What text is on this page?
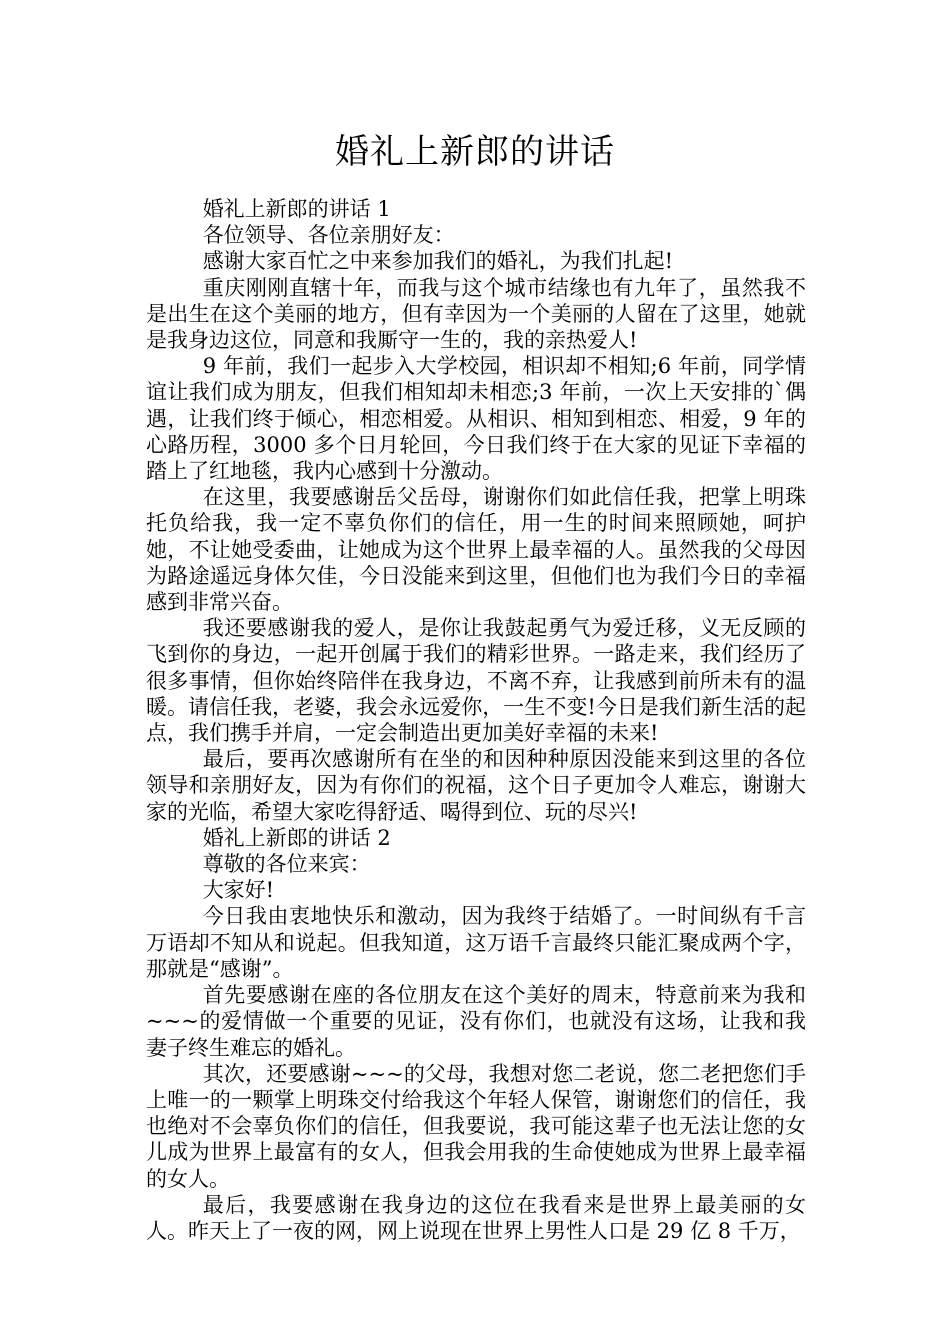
婚礼上新郎的讲话

婚礼上新郎的讲话 1

各位领导、各位亲朋好友：

感谢大家百忙之中来参加我们的婚礼，为我们扎起!

重庆刚刚直辖十年，而我与这个城市结缘也有九年了，虽然我不是出生在这个美丽的地方，但有幸因为一个美丽的人留在了这里，她就是我身边这位，同意和我厮守一生的，我的亲热爱人!

9 年前，我们一起步入大学校园，相识却不相知;6 年前，同学情谊让我们成为朋友，但我们相知却未相恋;3 年前，一次上天安排的`偶遇，让我们终于倾心，相恋相爱。从相识、相知到相恋、相爱，9 年的心路历程，3000 多个日月轮回，今日我们终于在大家的见证下幸福的踏上了红地毯，我内心感到十分激动。

在这里，我要感谢岳父岳母，谢谢你们如此信任我，把掌上明珠托负给我，我一定不辜负你们的信任，用一生的时间来照顾她，呵护她，不让她受委曲，让她成为这个世界上最幸福的人。虽然我的父母因为路途遥远身体欠佳，今日没能来到这里，但他们也为我们今日的幸福感到非常兴奋。

我还要感谢我的爱人，是你让我鼓起勇气为爱迁移，义无反顾的飞到你的身边，一起开创属于我们的精彩世界。一路走来，我们经历了很多事情，但你始终陪伴在我身边，不离不弃，让我感到前所未有的温暖。请信任我，老婆，我会永远爱你，一生不变!今日是我们新生活的起点，我们携手并肩，一定会制造出更加美好幸福的未来!

最后，要再次感谢所有在坐的和因种种原因没能来到这里的各位领导和亲朋好友，因为有你们的祝福，这个日子更加令人难忘，谢谢大家的光临，希望大家吃得舒适、喝得到位、玩的尽兴!

婚礼上新郎的讲话 2

尊敬的各位来宾：

大家好!

今日我由衷地快乐和激动，因为我终于结婚了。一时间纵有千言万语却不知从和说起。但我知道，这万语千言最终只能汇聚成两个字，那就是“感谢”。

首先要感谢在座的各位朋友在这个美好的周末，特意前来为我和~~~的爱情做一个重要的见证，没有你们，也就没有这场，让我和我妻子终生难忘的婚礼。

其次，还要感谢~~~的父母，我想对您二老说，您二老把您们手上唯一的一颗掌上明珠交付给我这个年轻人保管，谢谢您们的信任，我也绝对不会辜负你们的信任，但我要说，我可能这辈子也无法让您的女儿成为世界上最富有的女人，但我会用我的生命使她成为世界上最幸福的女人。

最后，我要感谢在我身边的这位在我看来是世界上最美丽的女人。昨天上了一夜的网，网上说现在世界上男性人口是 29 亿 8 千万，
